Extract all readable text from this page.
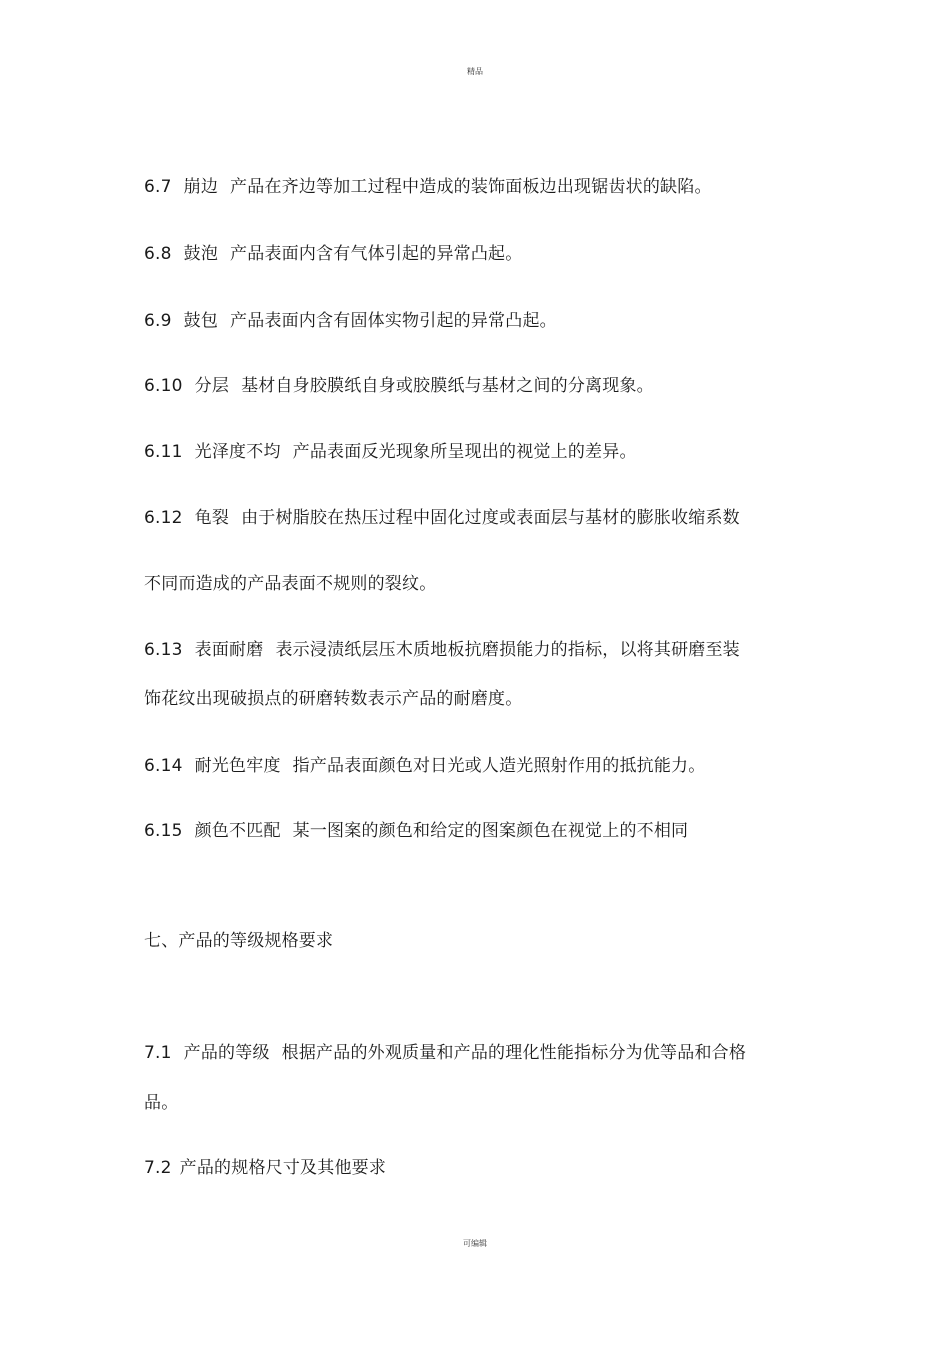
精品
6.7 崩边 产品在齐边等加工过程中造成的装饰面板边出现锯齿状的缺陷。
6.8 鼓泡 产品表面内含有气体引起的异常凸起。
6.9 鼓包 产品表面内含有固体实物引起的异常凸起。
6.10 分层 基材自身胶膜纸自身或胶膜纸与基材之间的分离现象。
6.11 光泽度不均 产品表面反光现象所呈现出的视觉上的差异。
6.12 龟裂 由于树脂胶在热压过程中固化过度或表面层与基材的膨胀收缩系数
不同而造成的产品表面不规则的裂纹。
6.13 表面耐磨 表示浸渍纸层压木质地板抗磨损能力的指标，以将其研磨至装
饰花纹出现破损点的研磨转数表示产品的耐磨度。
6.14 耐光色牢度 指产品表面颜色对日光或人造光照射作用的抵抗能力。
6.15 颜色不匹配 某一图案的颜色和给定的图案颜色在视觉上的不相同
七、产品的等级规格要求
7.1 产品的等级 根据产品的外观质量和产品的理化性能指标分为优等品和合格
品。
7.2 产品的规格尺寸及其他要求
可编辑
